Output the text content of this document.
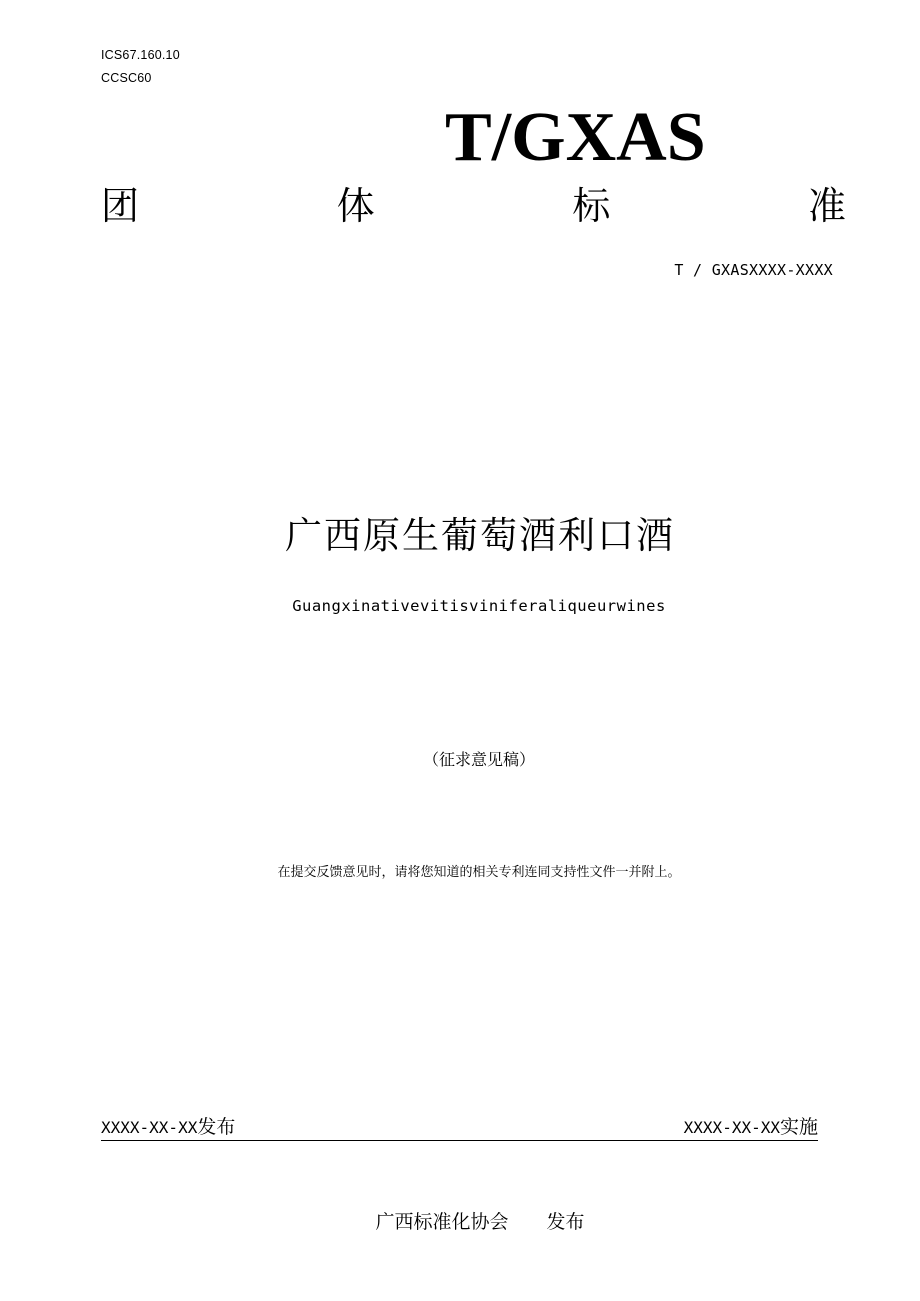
ICS67.160.10
CCSC60
T/GXAS
团	体	标	准
T / GXASXXXX-XXXX
广西原生葡萄酒利口酒
Guangxinativevitisviniferaliqueurwines
（征求意见稿）
在提交反馈意见时，请将您知道的相关专利连同支持性文件一并附上。
XXXX-XX-XX发布	XXXX-XX-XX实施
广西标准化协会 发布
